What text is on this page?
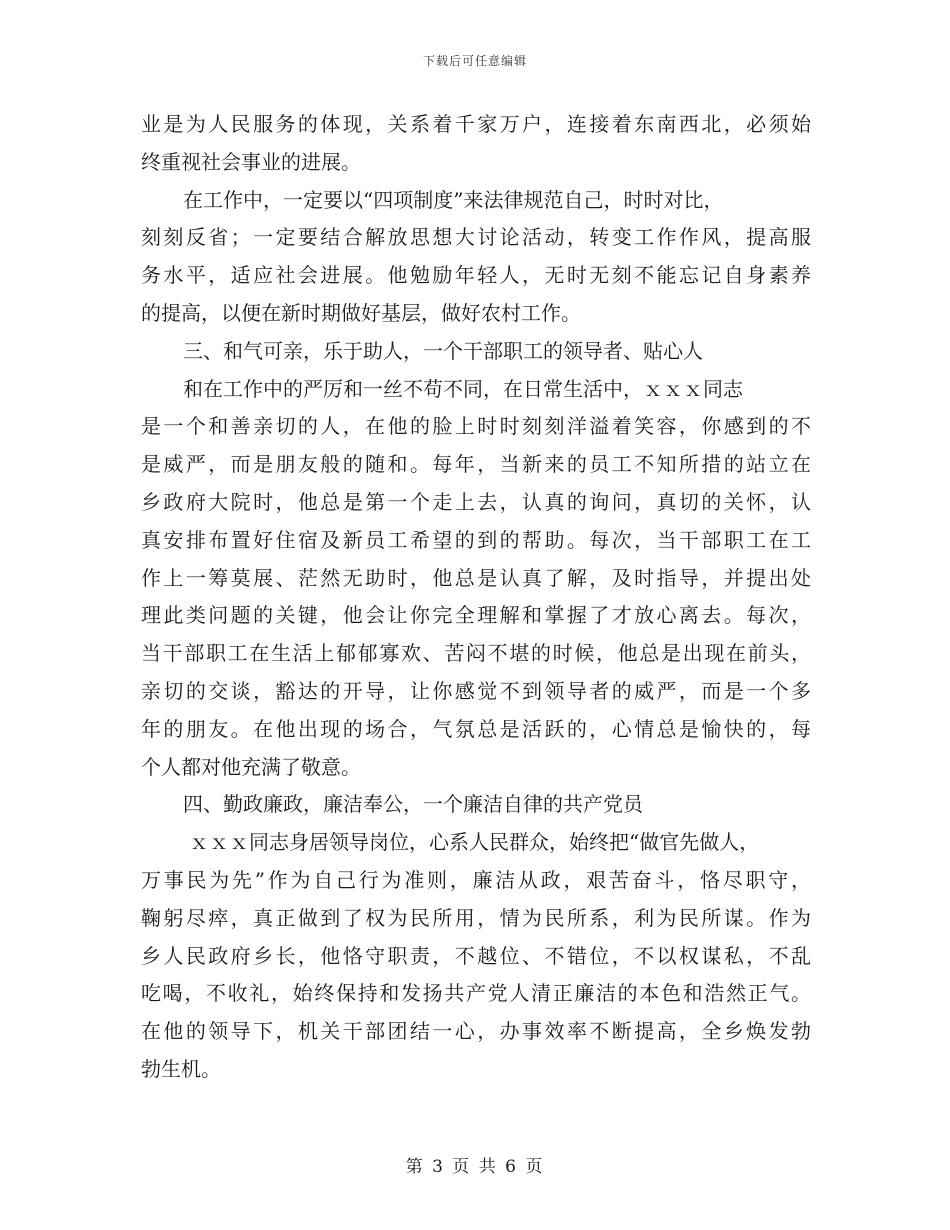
下载后可任意编辑
业是为人民服务的体现，关系着千家万户，连接着东南西北，必须始
终重视社会事业的进展。
在工作中，一定要以“四项制度”来法律规范自己，时时对比，
刻刻反省；一定要结合解放思想大讨论活动，转变工作作风，提高服
务水平，适应社会进展。他勉励年轻人，无时无刻不能忘记自身素养
的提高，以便在新时期做好基层，做好农村工作。
三、和气可亲，乐于助人，一个干部职工的领导者、贴心人
和在工作中的严厉和一丝不苟不同，在日常生活中，ｘｘｘ同志
是一个和善亲切的人，在他的脸上时时刻刻洋溢着笑容，你感到的不
是威严，而是朋友般的随和。每年，当新来的员工不知所措的站立在
乡政府大院时，他总是第一个走上去，认真的询问，真切的关怀，认
真安排布置好住宿及新员工希望的到的帮助。每次，当干部职工在工
作上一筹莫展、茫然无助时，他总是认真了解，及时指导，并提出处
理此类问题的关键，他会让你完全理解和掌握了才放心离去。每次，
当干部职工在生活上郁郁寡欢、苦闷不堪的时候，他总是出现在前头，
亲切的交谈，豁达的开导，让你感觉不到领导者的威严，而是一个多
年的朋友。在他出现的场合，气氛总是活跃的，心情总是愉快的，每
个人都对他充满了敬意。
四、勤政廉政，廉洁奉公，一个廉洁自律的共产党员
ｘｘｘ同志身居领导岗位，心系人民群众，始终把“做官先做人，
万事民为先”作为自己行为准则，廉洁从政，艰苦奋斗，恪尽职守，
鞠躬尽瘁，真正做到了权为民所用，情为民所系，利为民所谋。作为
乡人民政府乡长，他恪守职责，不越位、不错位，不以权谋私，不乱
吃喝，不收礼，始终保持和发扬共产党人清正廉洁的本色和浩然正气。
在他的领导下，机关干部团结一心，办事效率不断提高，全乡焕发勃
勃生机。
第 3 页 共 6 页
